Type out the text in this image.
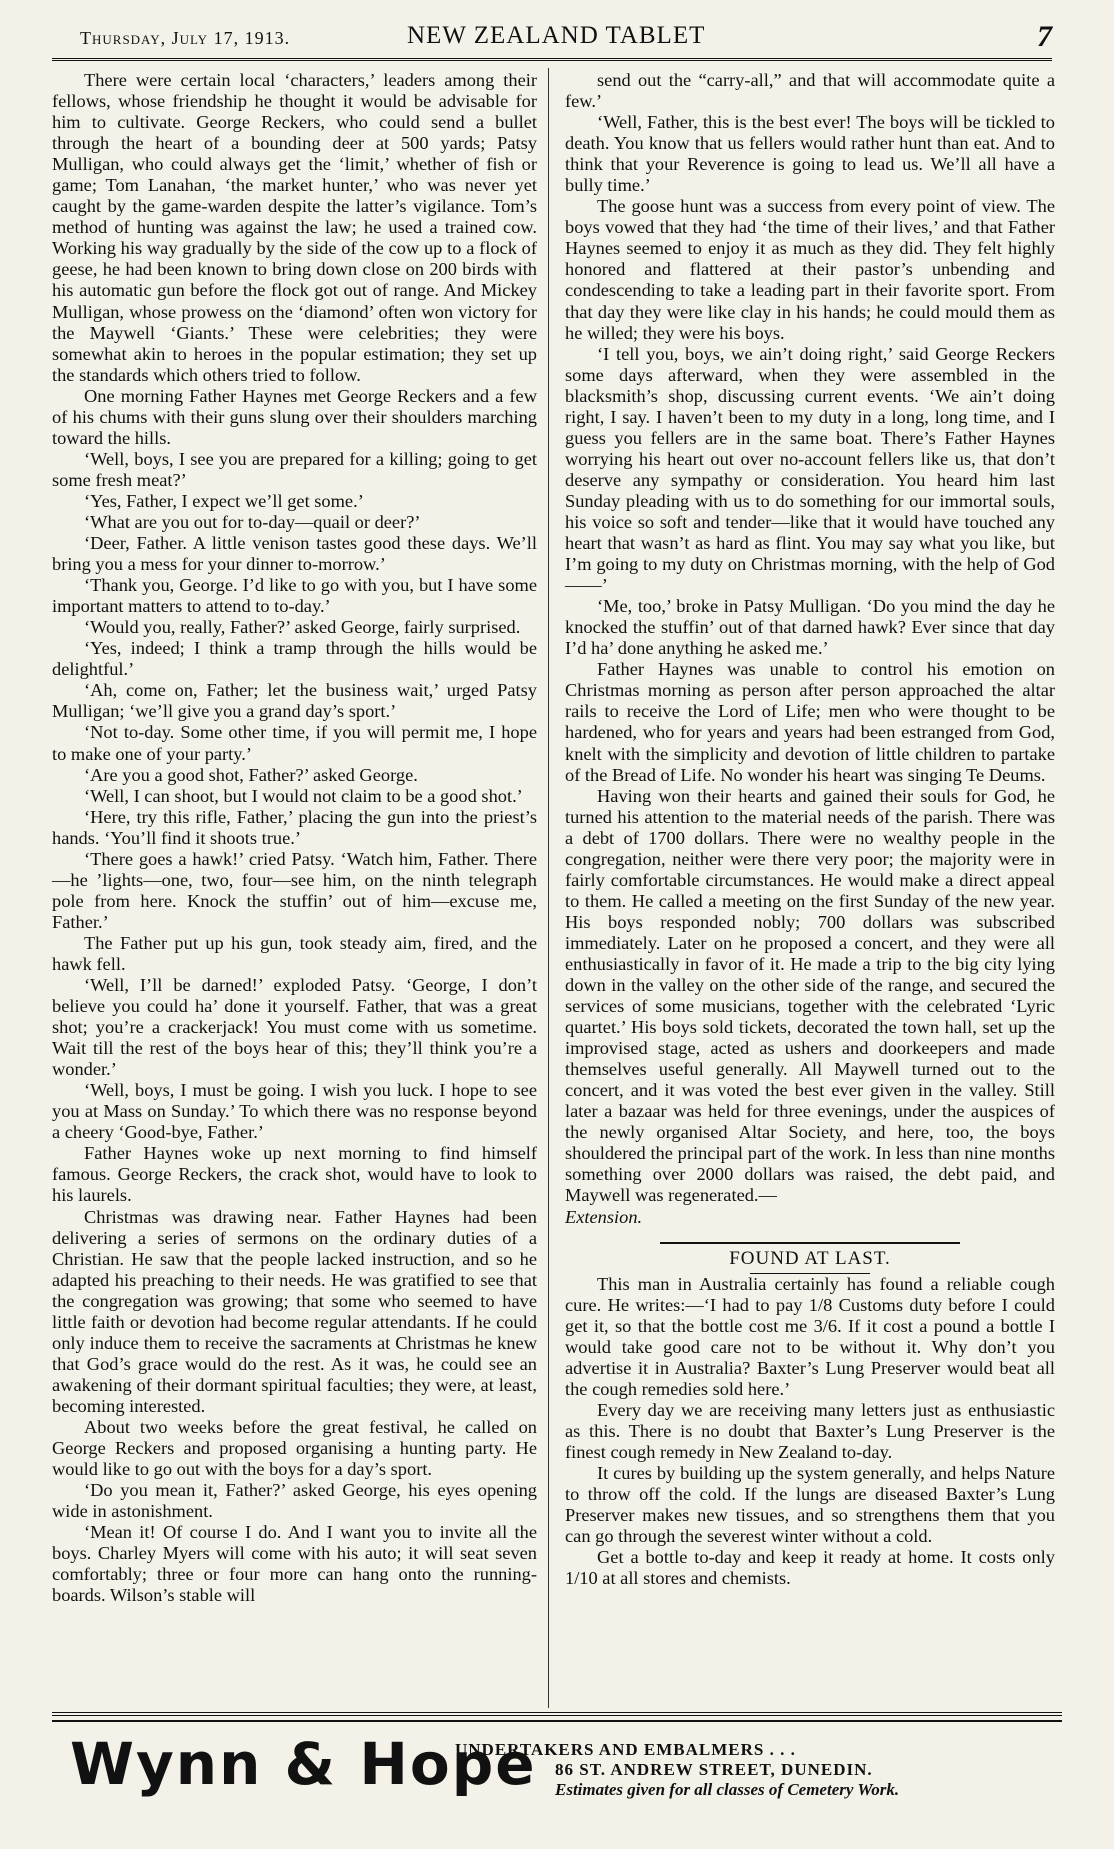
Thursday, July 17, 1913.	NEW ZEALAND TABLET	7

There were certain local ‘characters,’ leaders among their fellows, whose friendship he thought it would be advisable for him to cultivate. George Reckers, who could send a bullet through the heart of a bounding deer at 500 yards; Patsy Mulligan, who could always get the ‘limit,’ whether of fish or game; Tom Lanahan, ‘the market hunter,’ who was never yet caught by the game-warden despite the latter’s vigilance. Tom’s method of hunting was against the law; he used a trained cow. Working his way gradually by the side of the cow up to a flock of geese, he had been known to bring down close on 200 birds with his automatic gun before the flock got out of range. And Mickey Mulligan, whose prowess on the ‘diamond’ often won victory for the Maywell ‘Giants.’ These were celebrities; they were somewhat akin to heroes in the popular estimation; they set up the standards which others tried to follow.

One morning Father Haynes met George Reckers and a few of his chums with their guns slung over their shoulders marching toward the hills.

‘Well, boys, I see you are prepared for a killing; going to get some fresh meat?’

‘Yes, Father, I expect we’ll get some.’

‘What are you out for to-day—quail or deer?’

‘Deer, Father. A little venison tastes good these days. We’ll bring you a mess for your dinner to-morrow.’

‘Thank you, George. I’d like to go with you, but I have some important matters to attend to to-day.’

‘Would you, really, Father?’ asked George, fairly surprised.

‘Yes, indeed; I think a tramp through the hills would be delightful.’

‘Ah, come on, Father; let the business wait,’ urged Patsy Mulligan; ‘we’ll give you a grand day’s sport.’

‘Not to-day. Some other time, if you will permit me, I hope to make one of your party.’

‘Are you a good shot, Father?’ asked George.

‘Well, I can shoot, but I would not claim to be a good shot.’

‘Here, try this rifle, Father,’ placing the gun into the priest’s hands. ‘You’ll find it shoots true.’

‘There goes a hawk!’ cried Patsy. ‘Watch him, Father. There—he ’lights—one, two, four—see him, on the ninth telegraph pole from here. Knock the stuffin’ out of him—excuse me, Father.’

The Father put up his gun, took steady aim, fired, and the hawk fell.

‘Well, I’ll be darned!’ exploded Patsy. ‘George, I don’t believe you could ha’ done it yourself. Father, that was a great shot; you’re a crackerjack! You must come with us sometime. Wait till the rest of the boys hear of this; they’ll think you’re a wonder.’

‘Well, boys, I must be going. I wish you luck. I hope to see you at Mass on Sunday.’ To which there was no response beyond a cheery ‘Good-bye, Father.’

Father Haynes woke up next morning to find himself famous. George Reckers, the crack shot, would have to look to his laurels.

Christmas was drawing near. Father Haynes had been delivering a series of sermons on the ordinary duties of a Christian. He saw that the people lacked instruction, and so he adapted his preaching to their needs. He was gratified to see that the congregation was growing; that some who seemed to have little faith or devotion had become regular attendants. If he could only induce them to receive the sacraments at Christmas he knew that God’s grace would do the rest. As it was, he could see an awakening of their dormant spiritual faculties; they were, at least, becoming interested.

About two weeks before the great festival, he called on George Reckers and proposed organising a hunting party. He would like to go out with the boys for a day’s sport.

‘Do you mean it, Father?’ asked George, his eyes opening wide in astonishment.

‘Mean it! Of course I do. And I want you to invite all the boys. Charley Myers will come with his auto; it will seat seven comfortably; three or four more can hang onto the running-boards. Wilson’s stable will

send out the “carry-all,” and that will accommodate quite a few.’

‘Well, Father, this is the best ever! The boys will be tickled to death. You know that us fellers would rather hunt than eat. And to think that your Reverence is going to lead us. We’ll all have a bully time.’

The goose hunt was a success from every point of view. The boys vowed that they had ‘the time of their lives,’ and that Father Haynes seemed to enjoy it as much as they did. They felt highly honored and flattered at their pastor’s unbending and condescending to take a leading part in their favorite sport. From that day they were like clay in his hands; he could mould them as he willed; they were his boys.

‘I tell you, boys, we ain’t doing right,’ said George Reckers some days afterward, when they were assembled in the blacksmith’s shop, discussing current events. ‘We ain’t doing right, I say. I haven’t been to my duty in a long, long time, and I guess you fellers are in the same boat. There’s Father Haynes worrying his heart out over no-account fellers like us, that don’t deserve any sympathy or consideration. You heard him last Sunday pleading with us to do something for our immortal souls, his voice so soft and tender—like that it would have touched any heart that wasn’t as hard as flint. You may say what you like, but I’m going to my duty on Christmas morning, with the help of God——’

‘Me, too,’ broke in Patsy Mulligan. ‘Do you mind the day he knocked the stuffin’ out of that darned hawk? Ever since that day I’d ha’ done anything he asked me.’

Father Haynes was unable to control his emotion on Christmas morning as person after person approached the altar rails to receive the Lord of Life; men who were thought to be hardened, who for years and years had been estranged from God, knelt with the simplicity and devotion of little children to partake of the Bread of Life. No wonder his heart was singing Te Deums.

Having won their hearts and gained their souls for God, he turned his attention to the material needs of the parish. There was a debt of 1700 dollars. There were no wealthy people in the congregation, neither were there very poor; the majority were in fairly comfortable circumstances. He would make a direct appeal to them. He called a meeting on the first Sunday of the new year. His boys responded nobly; 700 dollars was subscribed immediately. Later on he proposed a concert, and they were all enthusiastically in favor of it. He made a trip to the big city lying down in the valley on the other side of the range, and secured the services of some musicians, together with the celebrated ‘Lyric quartet.’ His boys sold tickets, decorated the town hall, set up the improvised stage, acted as ushers and doorkeepers and made themselves useful generally. All Maywell turned out to the concert, and it was voted the best ever given in the valley. Still later a bazaar was held for three evenings, under the auspices of the newly organised Altar Society, and here, too, the boys shouldered the principal part of the work. In less than nine months something over 2000 dollars was raised, the debt paid, and Maywell was regenerated.—

Extension.

FOUND AT LAST.

This man in Australia certainly has found a reliable cough cure. He writes:—‘I had to pay 1/8 Customs duty before I could get it, so that the bottle cost me 3/6. If it cost a pound a bottle I would take good care not to be without it. Why don’t you advertise it in Australia? Baxter’s Lung Preserver would beat all the cough remedies sold here.’

Every day we are receiving many letters just as enthusiastic as this. There is no doubt that Baxter’s Lung Preserver is the finest cough remedy in New Zealand to-day.

It cures by building up the system generally, and helps Nature to throw off the cold. If the lungs are diseased Baxter’s Lung Preserver makes new tissues, and so strengthens them that you can go through the severest winter without a cold.

Get a bottle to-day and keep it ready at home. It costs only 1/10 at all stores and chemists.

Wynn & Hope
UNDERTAKERS AND EMBALMERS . . .
86 ST. ANDREW STREET, DUNEDIN.
Estimates given for all classes of Cemetery Work.
